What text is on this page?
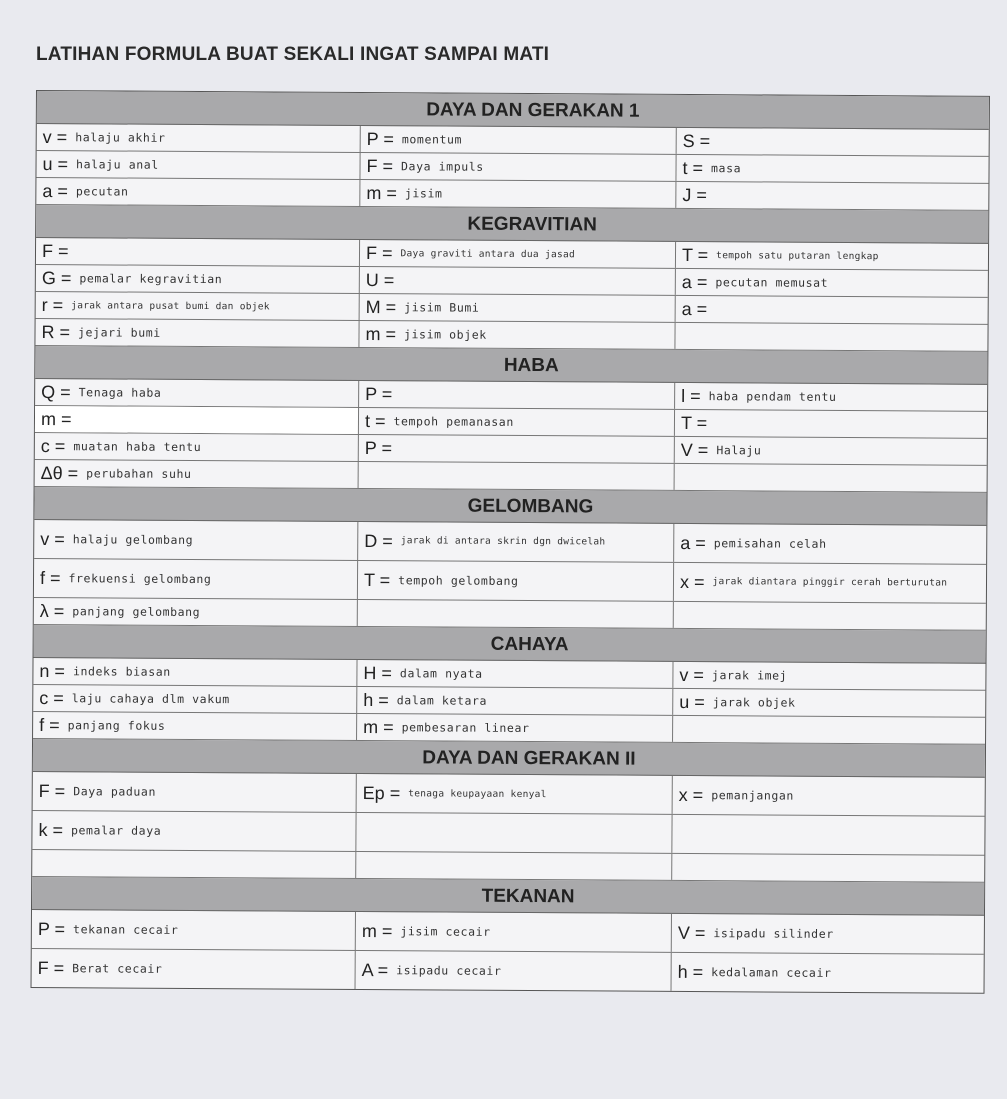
LATIHAN FORMULA BUAT SEKALI INGAT SAMPAI MATI
DAYA DAN GERAKAN 1
v = halaju akhir	P = momentum	S =
u = halaju anal	F = Daya impuls	t = masa
a = pecutan	m = jisim	J =
KEGRAVITIAN
F =	F = Daya graviti antara dua jasad	T = tempoh satu putaran lengkap
G = pemalar kegravitian	U =	a = pecutan memusat
r = jarak antara pusat bumi dan objek	M = jisim Bumi	a =
R = jejari bumi	m = jisim objek
HABA
Q = Tenaga haba	P =	l = haba pendam tentu
m =	t = tempoh pemanasan	T =
c = muatan haba tentu	P =	V = Halaju
Δθ = perubahan suhu
GELOMBANG
v = halaju gelombang	D = jarak di antara skrin dgn dwicelah	a = pemisahan celah
f = frekuensi gelombang	T = tempoh gelombang	x = jarak diantara pinggir cerah berturutan
λ = panjang gelombang
CAHAYA
n = indeks biasan	H = dalam nyata	v = jarak imej
c = laju cahaya dlm vakum	h = dalam ketara	u = jarak objek
f = panjang fokus	m = pembesaran linear
DAYA DAN GERAKAN II
F = Daya paduan	Ep = tenaga keupayaan kenyal	x = pemanjangan
k = pemalar daya
TEKANAN
P = tekanan cecair	m = jisim cecair	V = isipadu silinder
F = Berat cecair	A = isipadu cecair	h = kedalaman cecair
